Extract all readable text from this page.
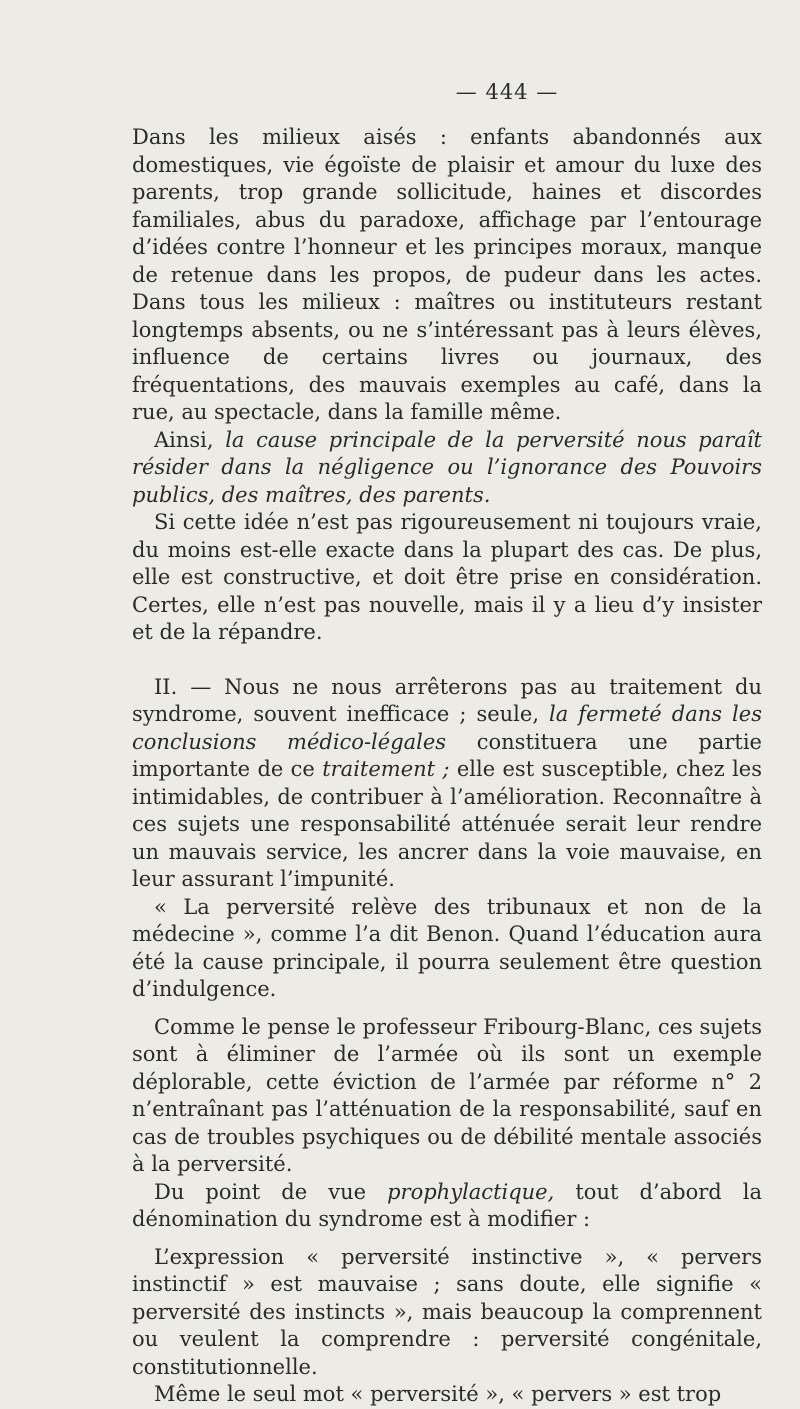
— 444 —

Dans les milieux aisés : enfants abandonnés aux domestiques, vie égoïste de plaisir et amour du luxe des parents, trop grande sollicitude, haines et discordes familiales, abus du paradoxe, affichage par l’entourage d’idées contre l’honneur et les principes moraux, manque de retenue dans les propos, de pudeur dans les actes. Dans tous les milieux : maîtres ou instituteurs restant longtemps absents, ou ne s’intéressant pas à leurs élèves, influence de certains livres ou journaux, des fréquentations, des mauvais exemples au café, dans la rue, au spectacle, dans la famille même.

Ainsi, la cause principale de la perversité nous paraît résider dans la négligence ou l’ignorance des Pouvoirs publics, des maîtres, des parents.

Si cette idée n’est pas rigoureusement ni toujours vraie, du moins est-elle exacte dans la plupart des cas. De plus, elle est constructive, et doit être prise en considération. Certes, elle n’est pas nouvelle, mais il y a lieu d’y insister et de la répandre.

II. — Nous ne nous arrêterons pas au traitement du syndrome, souvent inefficace ; seule, la fermeté dans les conclusions médico-légales constituera une partie importante de ce traitement ; elle est susceptible, chez les intimidables, de contribuer à l’amélioration. Reconnaître à ces sujets une responsabilité atténuée serait leur rendre un mauvais service, les ancrer dans la voie mauvaise, en leur assurant l’impunité.

« La perversité relève des tribunaux et non de la médecine », comme l’a dit Benon. Quand l’éducation aura été la cause principale, il pourra seulement être question d’indulgence.

Comme le pense le professeur Fribourg-Blanc, ces sujets sont à éliminer de l’armée où ils sont un exemple déplorable, cette éviction de l’armée par réforme n° 2 n’entraînant pas l’atténuation de la responsabilité, sauf en cas de troubles psychiques ou de débilité mentale associés à la perversité.

Du point de vue prophylactique, tout d’abord la dénomination du syndrome est à modifier :

L’expression « perversité instinctive », « pervers instinctif » est mauvaise ; sans doute, elle signifie « perversité des instincts », mais beaucoup la comprennent ou veulent la comprendre : perversité congénitale, constitutionnelle.

Même le seul mot « perversité », « pervers » est trop
